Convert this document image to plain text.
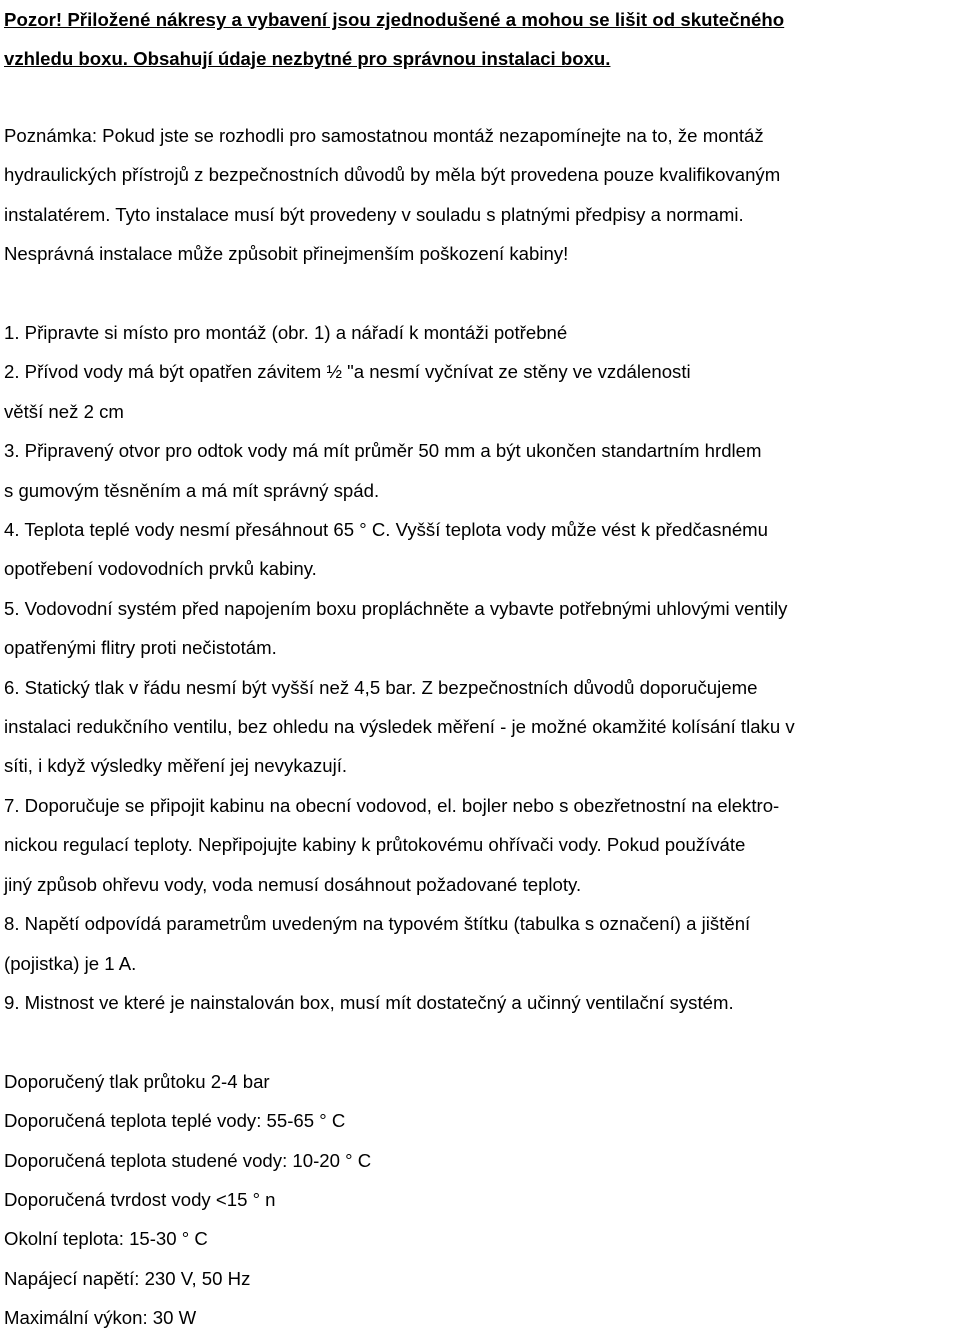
Pozor! Přiložené nákresy a vybavení jsou zjednodušené a mohou se lišit od skutečného
vzhledu boxu. Obsahují údaje nezbytné pro správnou instalaci boxu.
Poznámka: Pokud jste se rozhodli pro samostatnou montáž nezapomínejte na to, že montáž
hydraulických přístrojů z bezpečnostních důvodů by měla být provedena pouze kvalifikovaným
instalatérem. Tyto instalace musí být provedeny v souladu s platnými předpisy a normami.
Nesprávná instalace může způsobit přinejmenším poškození kabiny!
1. Připravte si místo pro montáž (obr. 1) a nářadí k montáži potřebné
2. Přívod vody má být opatřen závitem ½ "a nesmí vyčnívat ze stěny ve vzdálenosti
větší než 2 cm
3. Připravený otvor pro odtok vody má mít průměr 50 mm a být ukončen standartním hrdlem
s gumovým těsněním a má mít správný spád.
4. Teplota teplé vody nesmí přesáhnout 65 ° C. Vyšší teplota vody může vést k předčasnému
opotřebení vodovodních prvků kabiny.
5. Vodovodní systém před napojením boxu propláchněte a vybavte potřebnými uhlovými ventily
opatřenými flitry proti nečistotám.
6. Statický tlak v řádu nesmí být vyšší než 4,5 bar. Z bezpečnostních důvodů doporučujeme
instalaci redukčního ventilu, bez ohledu na výsledek měření - je možné okamžité kolísání tlaku v
síti, i když výsledky měření jej nevykazují.
7. Doporučuje se připojit kabinu na obecní vodovod, el. bojler nebo s obezřetnostní na elektro-
nickou regulací teploty. Nepřipojujte kabiny k průtokovému ohřívači vody. Pokud používáte
jiný způsob ohřevu vody, voda nemusí dosáhnout požadované teploty.
8. Napětí odpovídá parametrům uvedeným na typovém štítku (tabulka s označení) a jištění
(pojistka) je 1 A.
9. Mistnost ve které je nainstalován box, musí mít dostatečný a učinný ventilační systém.
Doporučený tlak průtoku 2-4 bar
Doporučená teplota teplé vody: 55-65 ° C
Doporučená teplota studené vody: 10-20 ° C
Doporučená tvrdost vody <15 ° n
Okolní teplota: 15-30 ° C
Napájecí napětí: 230 V, 50 Hz
Maximální výkon: 30 W
